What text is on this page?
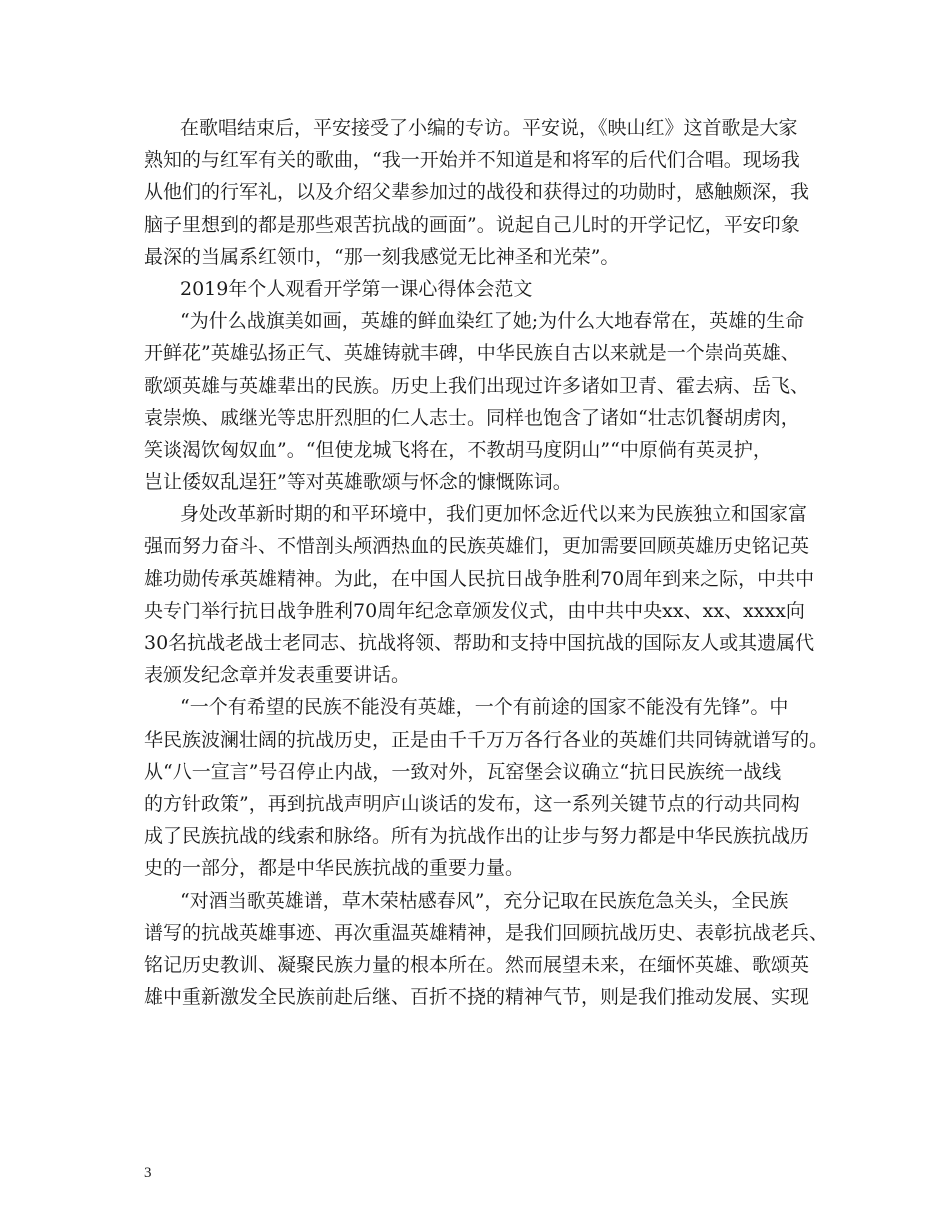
在歌唱结束后，平安接受了小编的专访。平安说，《映山红》这首歌是大家
熟知的与红军有关的歌曲，“我一开始并不知道是和将军的后代们合唱。现场我
从他们的行军礼，以及介绍父辈参加过的战役和获得过的功勋时，感触颇深，我
脑子里想到的都是那些艰苦抗战的画面”。说起自己儿时的开学记忆，平安印象
最深的当属系红领巾，“那一刻我感觉无比神圣和光荣”。
2019年个人观看开学第一课心得体会范文
“为什么战旗美如画，英雄的鲜血染红了她;为什么大地春常在，英雄的生命
开鲜花”英雄弘扬正气、英雄铸就丰碑，中华民族自古以来就是一个崇尚英雄、
歌颂英雄与英雄辈出的民族。历史上我们出现过许多诸如卫青、霍去病、岳飞、
袁崇焕、戚继光等忠肝烈胆的仁人志士。同样也饱含了诸如“壮志饥餐胡虏肉，
笑谈渴饮匈奴血”。“但使龙城飞将在，不教胡马度阴山”“中原倘有英灵护，
岂让倭奴乱逞狂”等对英雄歌颂与怀念的慷慨陈词。
身处改革新时期的和平环境中，我们更加怀念近代以来为民族独立和国家富
强而努力奋斗、不惜剖头颅洒热血的民族英雄们，更加需要回顾英雄历史铭记英
雄功勋传承英雄精神。为此，在中国人民抗日战争胜利70周年到来之际，中共中
央专门举行抗日战争胜利70周年纪念章颁发仪式，由中共中央xx、xx、xxxx向
30名抗战老战士老同志、抗战将领、帮助和支持中国抗战的国际友人或其遗属代
表颁发纪念章并发表重要讲话。
“一个有希望的民族不能没有英雄，一个有前途的国家不能没有先锋”。中
华民族波澜壮阔的抗战历史，正是由千千万万各行各业的英雄们共同铸就谱写的。
从“八一宣言”号召停止内战，一致对外，瓦窑堡会议确立“抗日民族统一战线
的方针政策”，再到抗战声明庐山谈话的发布，这一系列关键节点的行动共同构
成了民族抗战的线索和脉络。所有为抗战作出的让步与努力都是中华民族抗战历
史的一部分，都是中华民族抗战的重要力量。
“对酒当歌英雄谱，草木荣枯感春风”，充分记取在民族危急关头，全民族
谱写的抗战英雄事迹、再次重温英雄精神，是我们回顾抗战历史、表彰抗战老兵、
铭记历史教训、凝聚民族力量的根本所在。然而展望未来，在缅怀英雄、歌颂英
雄中重新激发全民族前赴后继、百折不挠的精神气节，则是我们推动发展、实现
3
